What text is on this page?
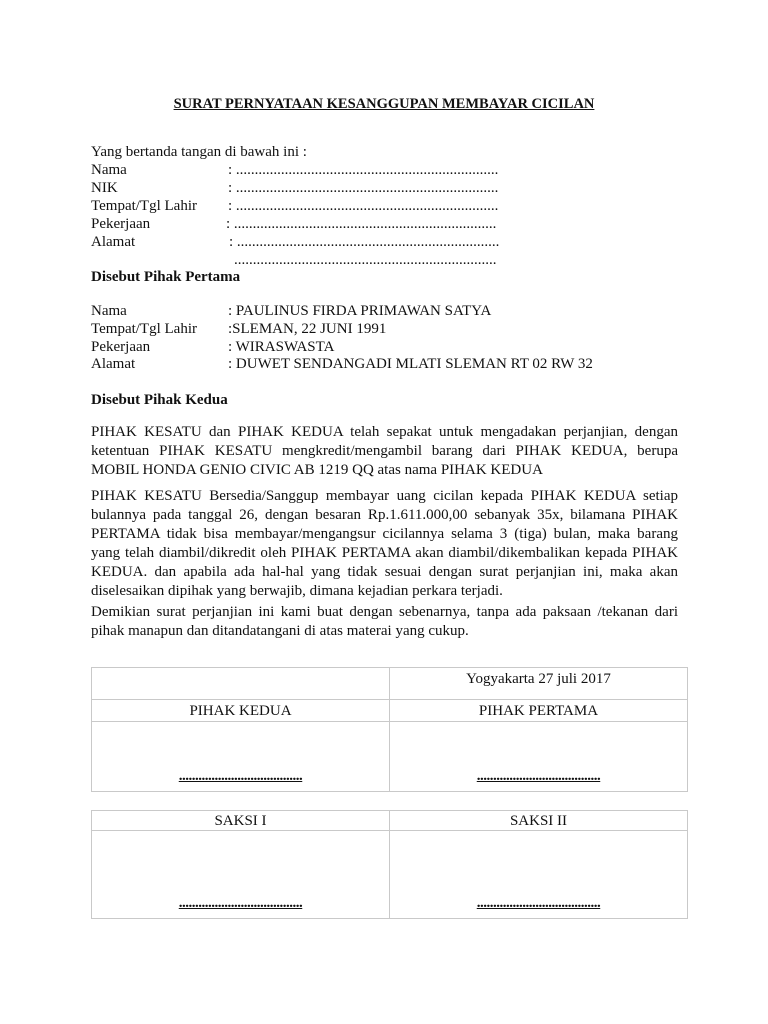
SURAT PERNYATAAN KESANGGUPAN MEMBAYAR CICILAN
Yang bertanda tangan di bawah ini :
Nama	: ......................................................................
NIK	: ......................................................................
Tempat/Tgl Lahir : ......................................................................
Pekerjaan	: ......................................................................
Alamat	: ......................................................................
......................................................................
Disebut Pihak Pertama
Nama	: PAULINUS FIRDA PRIMAWAN SATYA
Tempat/Tgl Lahir :SLEMAN, 22 JUNI 1991
Pekerjaan	: WIRASWASTA
Alamat	: DUWET SENDANGADI MLATI SLEMAN RT 02 RW 32
Disebut Pihak Kedua
PIHAK KESATU dan PIHAK KEDUA telah sepakat untuk mengadakan perjanjian, dengan ketentuan PIHAK KESATU mengkredit/mengambil barang dari PIHAK KEDUA, berupa MOBIL HONDA GENIO CIVIC AB 1219 QQ atas nama PIHAK KEDUA
PIHAK KESATU Bersedia/Sanggup membayar uang cicilan kepada PIHAK KEDUA setiap bulannya pada tanggal 26, dengan besaran Rp.1.611.000,00 sebanyak 35x, bilamana PIHAK PERTAMA tidak bisa membayar/mengangsur cicilannya selama 3 (tiga) bulan, maka barang yang telah diambil/dikredit oleh PIHAK PERTAMA akan diambil/dikembalikan kepada PIHAK KEDUA. dan apabila ada hal-hal yang tidak sesuai dengan surat perjanjian ini, maka akan diselesaikan dipihak yang berwajib, dimana kejadian perkara terjadi.
Demikian surat perjanjian ini kami buat dengan sebenarnya, tanpa ada paksaan /tekanan dari pihak manapun dan ditandatangani di atas materai yang cukup.
	Yogyakarta 27 juli 2017
PIHAK KEDUA	PIHAK PERTAMA
......................................	......................................
SAKSI I	SAKSI II
......................................	......................................
